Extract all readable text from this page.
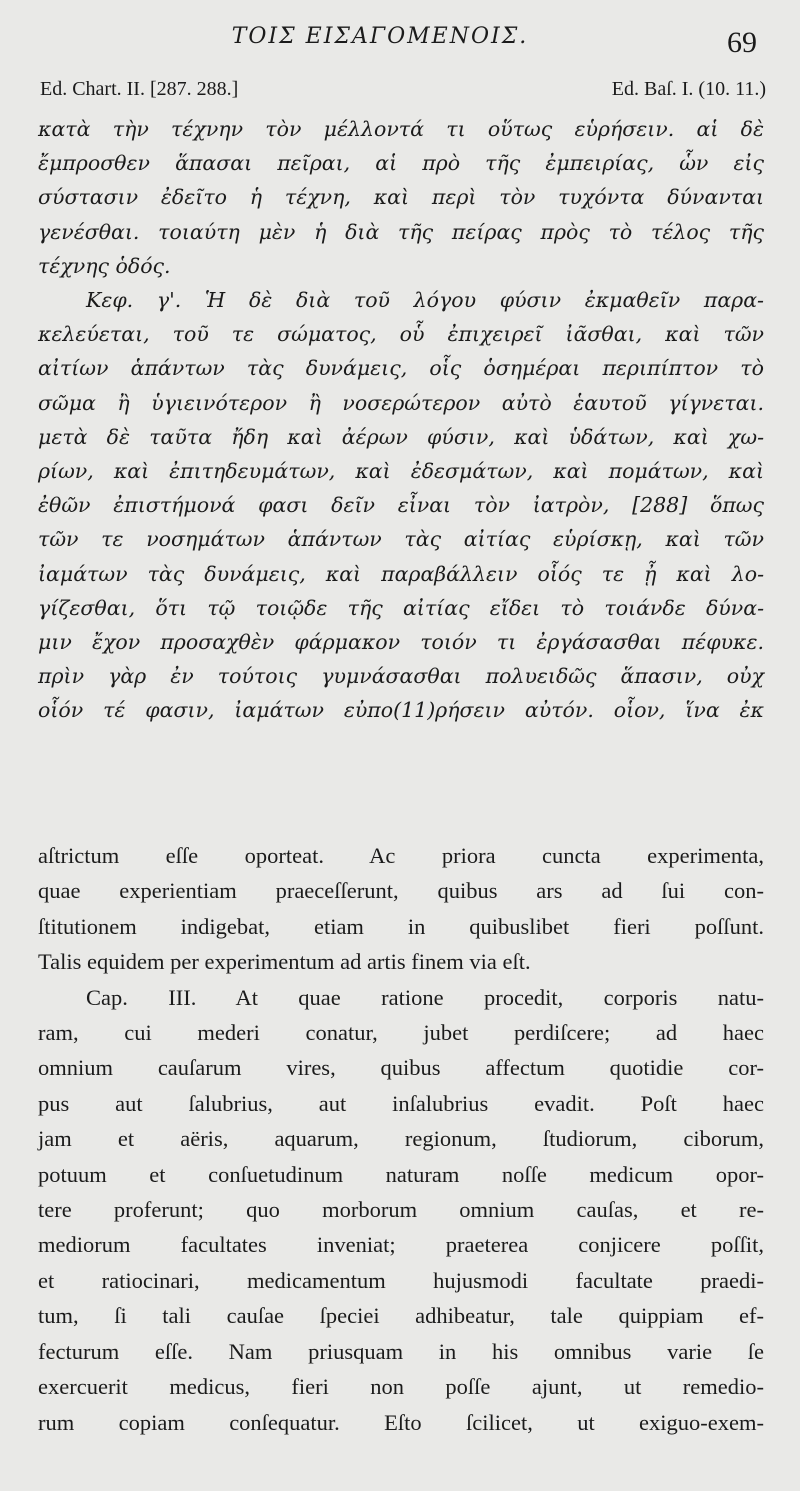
ΤΟΙΣ ΕΙΣΑΓΟΜΕΝΟΙΣ.	69
Ed. Chart. II. [287. 288.]	Ed. Baſ. I. (10. 11.)
κατὰ τὴν τέχνην τὸν μέλλοντά τι οὕτως εὑρήσειν. αἱ δὲ
ἔμπροσθεν ἅπασαι πεῖραι, αἱ πρὸ τῆς ἐμπειρίας, ὧν εἰς
σύστασιν ἐδεῖτο ἡ τέχνη, καὶ περὶ τὸν τυχόντα δύνανται
γενέσθαι. τοιαύτη μὲν ἡ διὰ τῆς πείρας πρὸς τὸ τέλος τῆς
τέχνης ὁδός.
Κεφ. γ'. Ἡ δὲ διὰ τοῦ λόγου φύσιν ἐκμαθεῖν παρα-
κελεύεται, τοῦ τε σώματος, οὗ ἐπιχειρεῖ ἰᾶσθαι, καὶ τῶν
αἰτίων ἁπάντων τὰς δυνάμεις, οἷς ὁσημέραι περιπίπτον τὸ
σῶμα ἢ ὑγιεινότερον ἢ νοσερώτερον αὐτὸ ἑαυτοῦ γίγνεται.
μετὰ δὲ ταῦτα ἤδη καὶ ἀέρων φύσιν, καὶ ὑδάτων, καὶ χω-
ρίων, καὶ ἐπιτηδευμάτων, καὶ ἐδεσμάτων, καὶ πομάτων, καὶ
ἐθῶν ἐπιστήμονά φασι δεῖν εἶναι τὸν ἰατρὸν, [288] ὅπως
τῶν τε νοσημάτων ἁπάντων τὰς αἰτίας εὑρίσκῃ, καὶ τῶν
ἰαμάτων τὰς δυνάμεις, καὶ παραβάλλειν οἷός τε ᾖ καὶ λο-
γίζεσθαι, ὅτι τῷ τοιῷδε τῆς αἰτίας εἴδει τὸ τοιάνδε δύνα-
μιν ἔχον προσαχθὲν φάρμακον τοιόν τι ἐργάσασθαι πέφυκε.
πρὶν γὰρ ἐν τούτοις γυμνάσασθαι πολυειδῶς ἅπασιν, οὐχ
οἷόν τέ φασιν, ἰαμάτων εὐπο(11)ρήσειν αὐτόν. οἷον, ἵνα ἐκ
aſtrictum eſſe oporteat. Ac priora cuncta experimenta,
quae experientiam praeceſſerunt, quibus ars ad ſui con-
ſtitutionem indigebat, etiam in quibuslibet fieri poſſunt.
Talis equidem per experimentum ad artis finem via eſt.
Cap. III. At quae ratione procedit, corporis natu-
ram, cui mederi conatur, jubet perdiſcere; ad haec
omnium cauſarum vires, quibus affectum quotidie cor-
pus aut ſalubrius, aut inſalubrius evadit. Poſt haec
jam et aëris, aquarum, regionum, ſtudiorum, ciborum,
potuum et conſuetudinum naturam noſſe medicum opor-
tere proferunt; quo morborum omnium cauſas, et re-
mediorum facultates inveniat; praeterea conjicere poſſit,
et ratiocinari, medicamentum hujusmodi facultate praedi-
tum, ſi tali cauſae ſpeciei adhibeatur, tale quippiam ef-
fecturum eſſe. Nam priusquam in his omnibus varie ſe
exercuerit medicus, fieri non poſſe ajunt, ut remedio-
rum copiam conſequatur. Eſto ſcilicet, ut exiguo-exem-
